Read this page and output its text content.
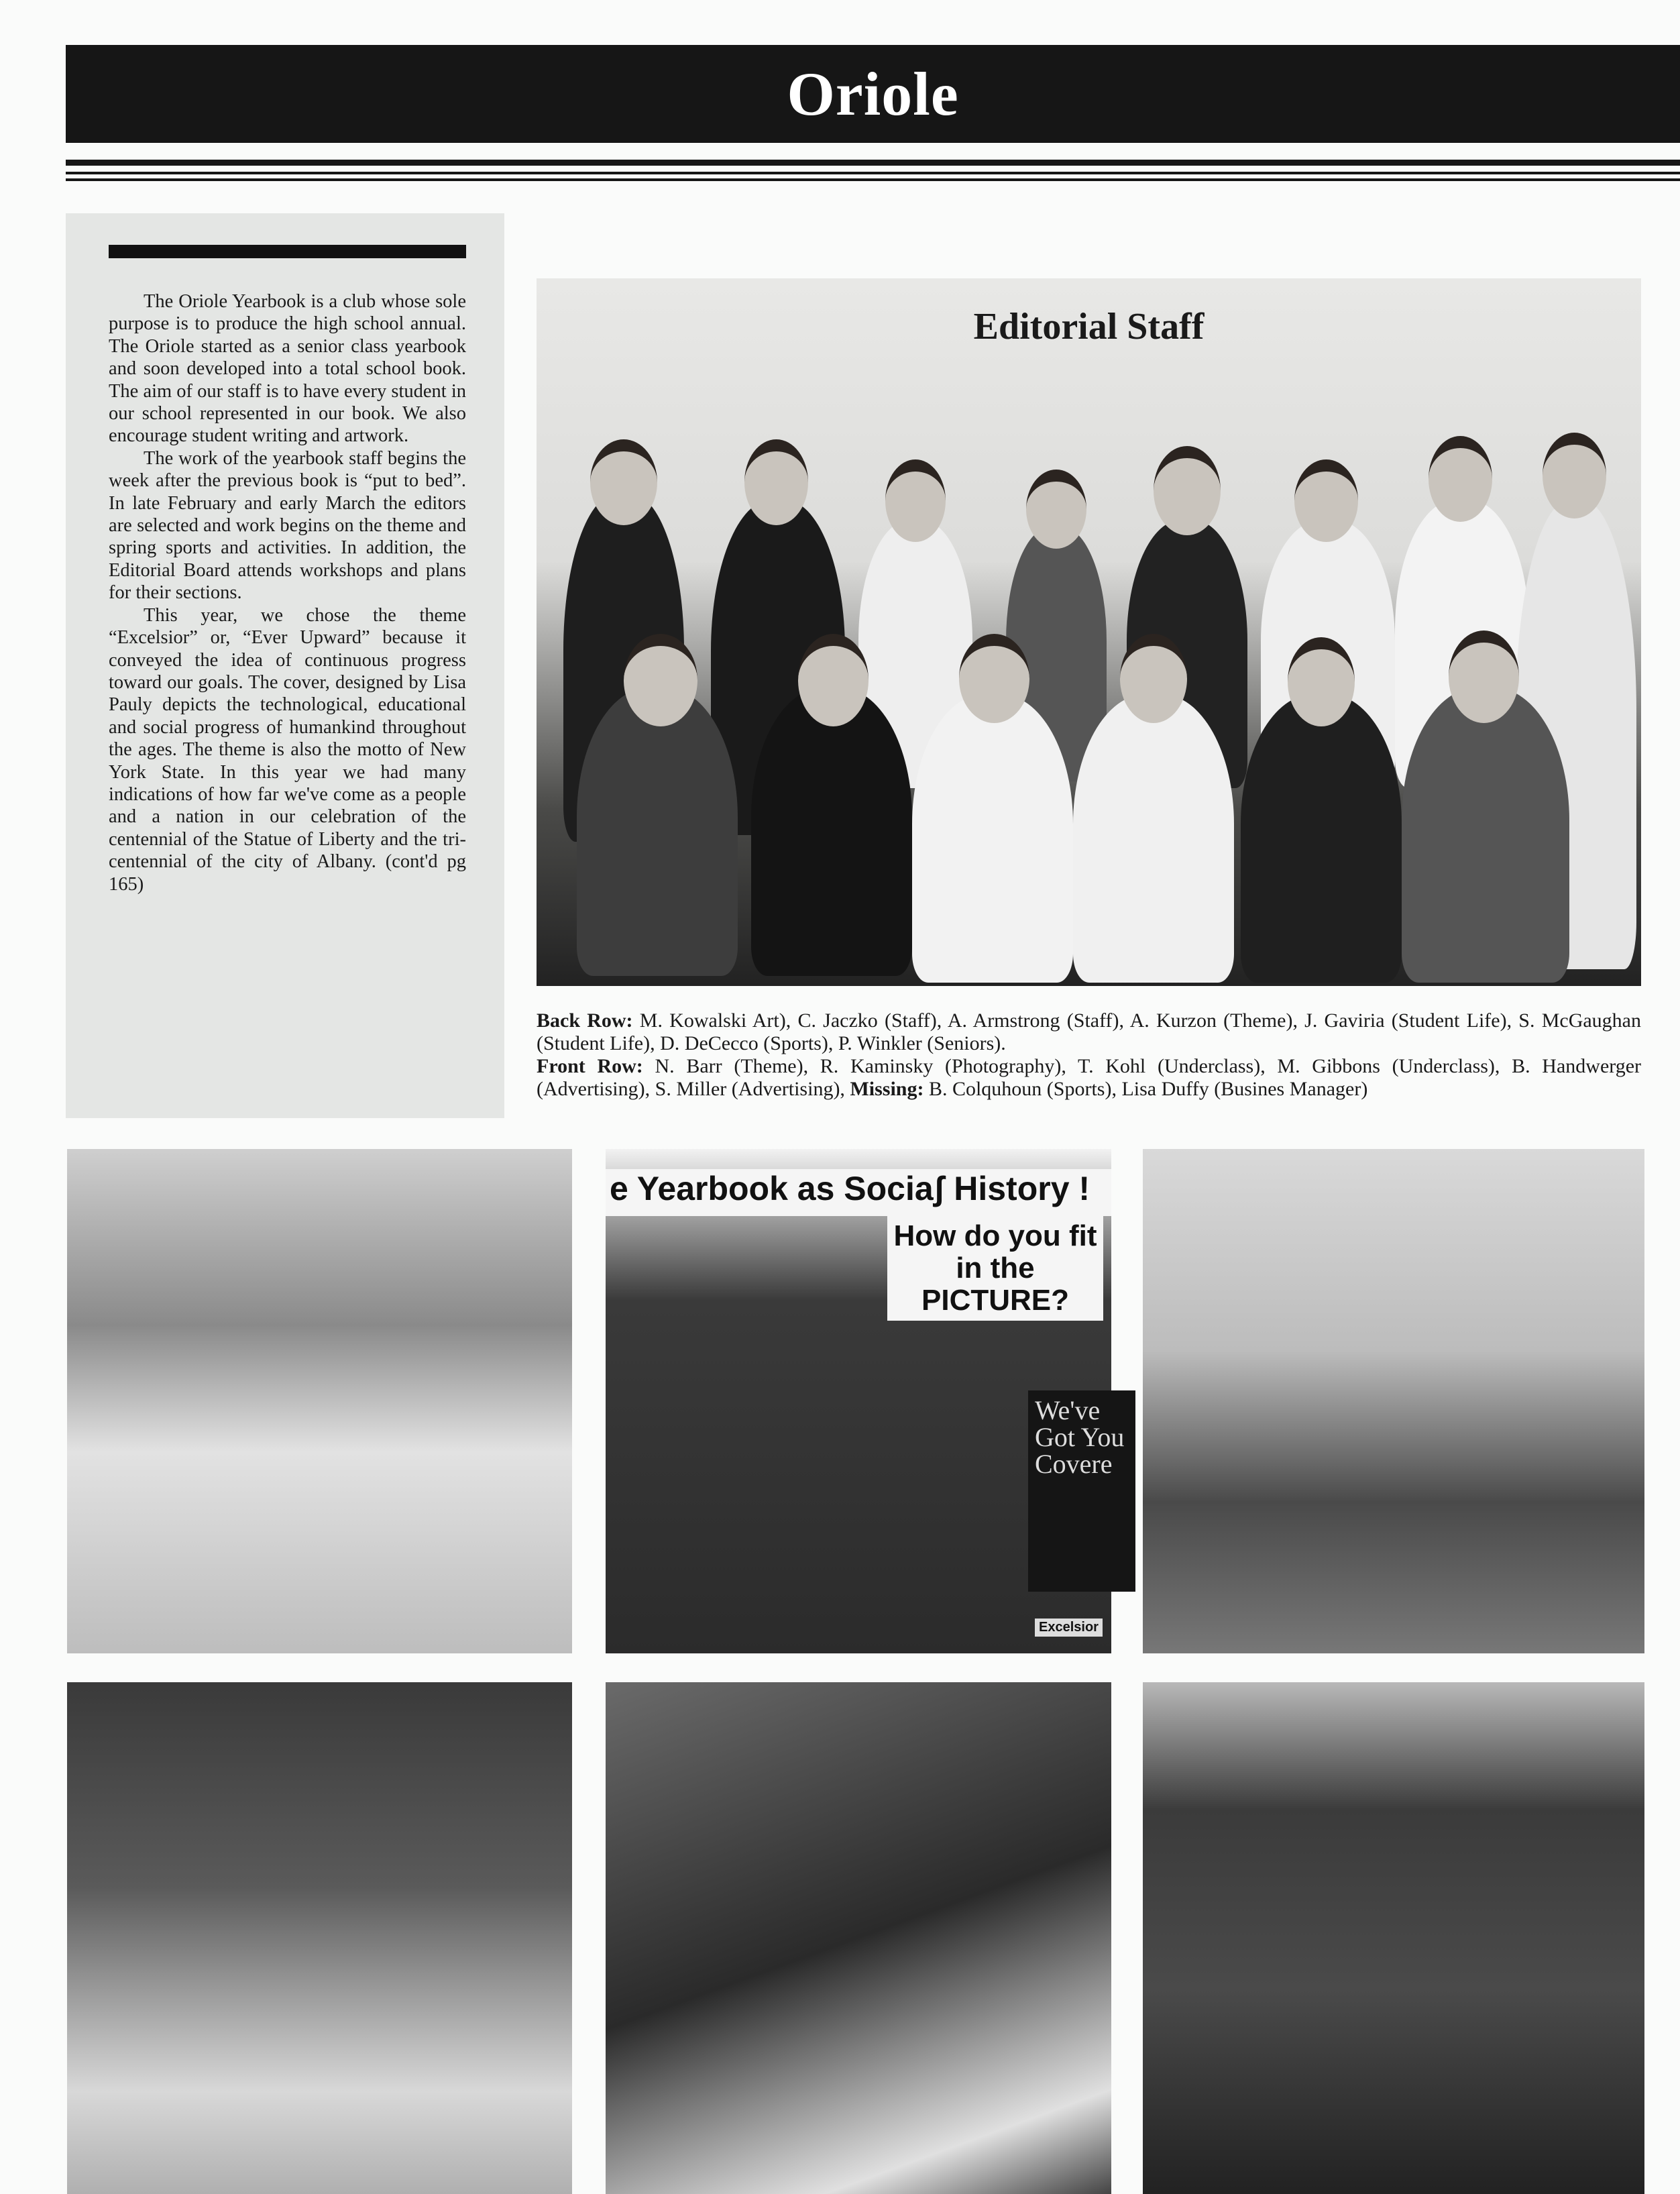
Oriole

The Oriole Yearbook is a club whose sole purpose is to produce the high school annual. The Oriole started as a senior class yearbook and soon developed into a total school book. The aim of our staff is to have every student in our school represented in our book. We also encourage student writing and artwork.

The work of the yearbook staff begins the week after the previous book is “put to bed”. In late February and early March the editors are selected and work begins on the theme and spring sports and activities. In addition, the Editorial Board attends workshops and plans for their sections.

This year, we chose the theme “Excelsior” or, “Ever Upward” because it conveyed the idea of continuous progress toward our goals. The cover, designed by Lisa Pauly depicts the technological, educational and social progress of humankind throughout the ages. The theme is also the motto of New York State. In this year we had many indications of how far we've come as a people and a nation in our celebration of the centennial of the Statue of Liberty and the tri-centennial of the city of Albany. (cont'd pg 165)

Editorial Staff
Back Row: M. Kowalski Art), C. Jaczko (Staff), A. Armstrong (Staff), A. Kurzon (Theme), J. Gaviria (Student Life), S. McGaughan (Student Life), D. DeCecco (Sports), P. Winkler (Seniors).
Front Row: N. Barr (Theme), R. Kaminsky (Photography), T. Kohl (Underclass), M. Gibbons (Underclass), B. Handwerger (Advertising), S. Miller (Advertising), Missing: B. Colquhoun (Sports), Lisa Duffy (Busines Manager)
e Yearbook as Sociaʃ History !
How do you fit in the PICTURE?
We've Got You Covere
Excelsior
